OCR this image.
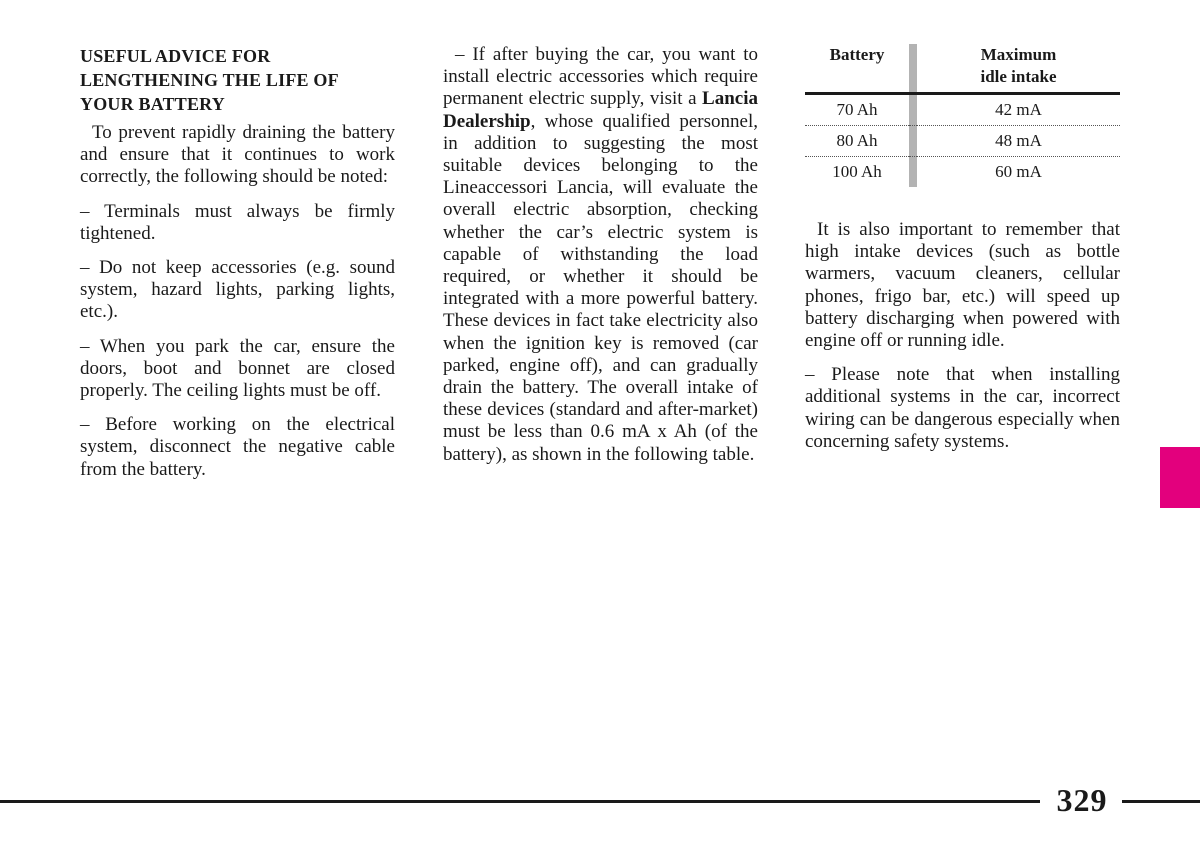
USEFUL ADVICE FOR LENGTHENING THE LIFE OF YOUR BATTERY

To prevent rapidly draining the battery and ensure that it continues to work correctly, the following should be noted:

– Terminals must always be firmly tightened.

– Do not keep accessories (e.g. sound system, hazard lights, parking lights, etc.).

– When you park the car, ensure the doors, boot and bonnet are closed properly. The ceiling lights must be off.

– Before working on the electrical system, disconnect the negative cable from the battery.

– If after buying the car, you want to install electric accessories which require permanent electric supply, visit a Lancia Dealership, whose qualified personnel, in addition to suggesting the most suitable devices belonging to the Lineaccessori Lancia, will evaluate the overall electric absorption, checking whether the car’s electric system is capable of withstanding the load required, or whether it should be integrated with a more powerful battery. These devices in fact take electricity also when the ignition key is removed (car parked, engine off), and can gradually drain the battery. The overall intake of these devices (standard and after-market) must be less than 0.6 mA x Ah (of the battery), as shown in the following table.

Battery		Maximum
idle intake
70 Ah		42 mA
80 Ah		48 mA
100 Ah		60 mA

It is also important to remember that high intake devices (such as bottle warmers, vacuum cleaners, cellular phones, frigo bar, etc.) will speed up battery discharging when powered with engine off or running idle.

– Please note that when installing additional systems in the car, incorrect wiring can be dangerous especially when concerning safety systems.

329
